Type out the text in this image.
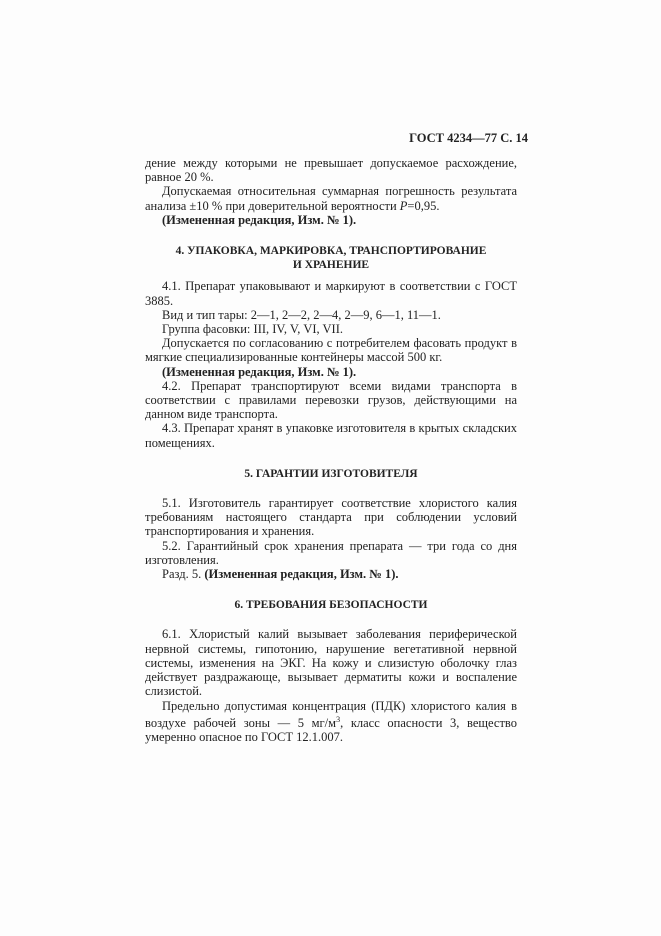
ГОСТ 4234—77 С. 14

дение между которыми не превышает допускаемое расхождение, равное 20 %.

Допускаемая относительная суммарная погрешность результата анализа ±10 % при доверительной вероятности Р=0,95.

(Измененная редакция, Изм. № 1).

4. УПАКОВКА, МАРКИРОВКА, ТРАНСПОРТИРОВАНИЕ
И ХРАНЕНИЕ

4.1. Препарат упаковывают и маркируют в соответствии с ГОСТ 3885.

Вид и тип тары: 2—1, 2—2, 2—4, 2—9, 6—1, 11—1.

Группа фасовки: III, IV, V, VI, VII.

Допускается по согласованию с потребителем фасовать продукт в мягкие специализированные контейнеры массой 500 кг.

(Измененная редакция, Изм. № 1).

4.2. Препарат транспортируют всеми видами транспорта в соответствии с правилами перевозки грузов, действующими на данном виде транспорта.

4.3. Препарат хранят в упаковке изготовителя в крытых складских помещениях.

5. ГАРАНТИИ ИЗГОТОВИТЕЛЯ

5.1. Изготовитель гарантирует соответствие хлористого калия требованиям настоящего стандарта при соблюдении условий транспортирования и хранения.

5.2. Гарантийный срок хранения препарата — три года со дня изготовления.

Разд. 5. (Измененная редакция, Изм. № 1).

6. ТРЕБОВАНИЯ БЕЗОПАСНОСТИ

6.1. Хлористый калий вызывает заболевания периферической нервной системы, гипотонию, нарушение вегетативной нервной системы, изменения на ЭКГ. На кожу и слизистую оболочку глаз действует раздражающе, вызывает дерматиты кожи и воспаление слизистой.

Предельно допустимая концентрация (ПДК) хлористого калия в воздухе рабочей зоны — 5 $мг/м^3$, класс опасности 3, вещество умеренно опасное по ГОСТ 12.1.007.
